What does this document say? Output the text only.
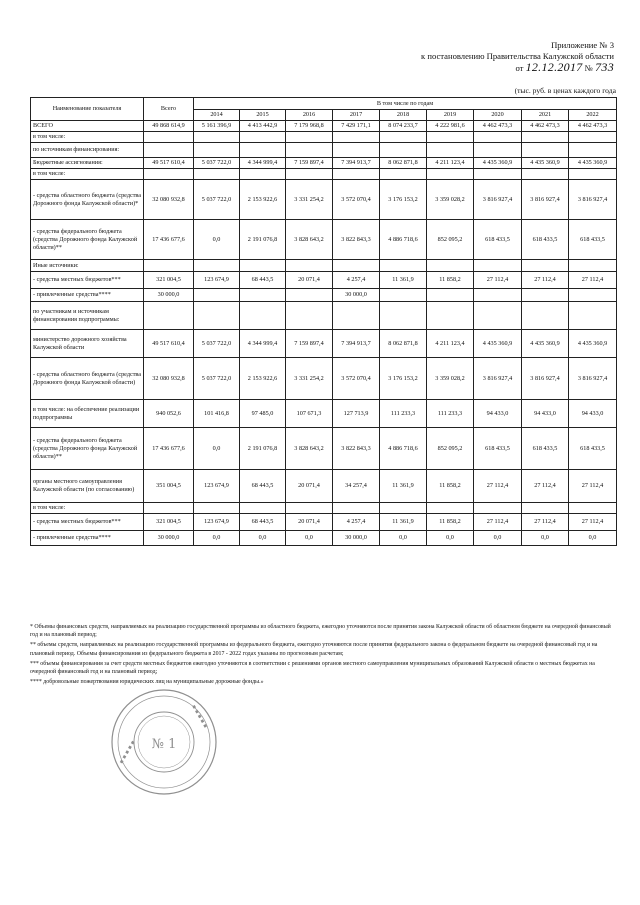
Приложение № 3
к постановлению Правительства Калужской области
от 12.12.2017 № 733
(тыс. руб. в ценах каждого года
Наименование показателя	Всего	В том числе по годам								
		2014	2015	2016	2017	2018	2019	2020	2021	2022
ВСЕГО	49 868 614,9	5 161 396,9	4 413 442,9	7 179 968,8	7 429 171,1	8 074 233,7	4 222 981,6	4 462 473,3	4 462 473,3	4 462 473,3
в том числе:										
по источникам финансирования:										
Бюджетные ассигнования:	49 517 610,4	5 037 722,0	4 344 999,4	7 159 897,4	7 394 913,7	8 062 871,8	4 211 123,4	4 435 360,9	4 435 360,9	4 435 360,9
в том числе:										
- средства областного бюджета (средства Дорожного фонда Калужской области)*	32 080 932,8	5 037 722,0	2 153 922,6	3 331 254,2	3 572 070,4	3 176 153,2	3 359 028,2	3 816 927,4	3 816 927,4	3 816 927,4
- средства федерального бюджета (средства Дорожного фонда Калужской области)**	17 436 677,6	0,0	2 191 076,8	3 828 643,2	3 822 843,3	4 886 718,6	852 095,2	618 433,5	618 433,5	618 433,5
Иные источники:										
- средства местных бюджетов***	321 004,5	123 674,9	68 443,5	20 071,4	4 257,4	11 361,9	11 858,2	27 112,4	27 112,4	27 112,4
- привлеченные средства****	30 000,0				30 000,0					
по участникам и источникам финансирования подпрограммы:										
министерство дорожного хозяйства Калужской области	49 517 610,4	5 037 722,0	4 344 999,4	7 159 897,4	7 394 913,7	8 062 871,8	4 211 123,4	4 435 360,9	4 435 360,9	4 435 360,9
- средства областного бюджета (средства Дорожного фонда Калужской области)	32 080 932,8	5 037 722,0	2 153 922,6	3 331 254,2	3 572 070,4	3 176 153,2	3 359 028,2	3 816 927,4	3 816 927,4	3 816 927,4
в том числе: на обеспечение реализации подпрограммы	940 052,6	101 416,8	97 485,0	107 671,3	127 713,9	111 233,3	111 233,3	94 433,0	94 433,0	94 433,0
- средства федерального бюджета (средства Дорожного фонда Калужской области)**	17 436 677,6	0,0	2 191 076,8	3 828 643,2	3 822 843,3	4 886 718,6	852 095,2	618 433,5	618 433,5	618 433,5
органы местного самоуправления Калужской области (по согласованию)	351 004,5	123 674,9	68 443,5	20 071,4	34 257,4	11 361,9	11 858,2	27 112,4	27 112,4	27 112,4
в том числе:										
- средства местных бюджетов***	321 004,5	123 674,9	68 443,5	20 071,4	4 257,4	11 361,9	11 858,2	27 112,4	27 112,4	27 112,4
- привлеченные средства****	30 000,0	0,0	0,0	0,0	30 000,0	0,0	0,0	0,0	0,0	0,0

* Объемы финансовых средств, направляемых на реализацию государственной программы из областного бюджета, ежегодно уточняются после принятия закона Калужской области об областном бюджете на очередной финансовый год и на плановый период;

** объемы средств, направляемых на реализацию государственной программы из федерального бюджета, ежегодно уточняются после принятия федерального закона о федеральном бюджете на очередной финансовый год и на плановый период. Объемы финансирования из федерального бюджета в 2017 - 2022 годах указаны по прогнозным расчетам;

*** объемы финансирования за счет средств местных бюджетов ежегодно уточняются в соответствии с решениями органов местного самоуправления муниципальных образований Калужской области о местных бюджетах на очередной финансовый год и на плановый период;

**** добровольные пожертвования юридических лиц на муниципальные дорожные фонды.»

▪ ▪ ▪ ▪ ▪
▪ ▪ ▪ ▪ ▪
№ 1
